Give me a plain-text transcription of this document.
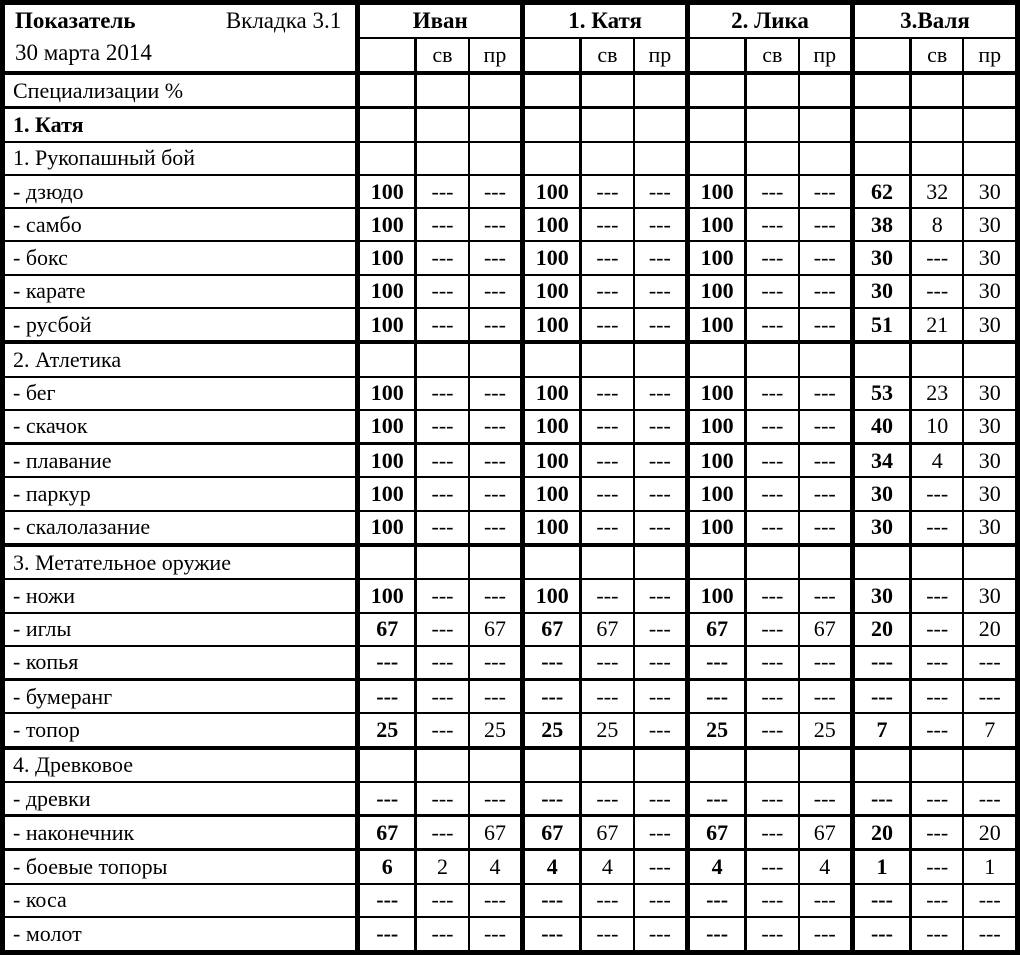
Показатель Вкладка 3.1
30 марта 2014	Иван			1. Катя			2. Лика			3.Валя		
		св	пр		св	пр		св	пр		св	пр
Специализации %												
1. Катя												
1. Рукопашный бой												
- дзюдо	100	---	---	100	---	---	100	---	---	62	32	30
- самбо	100	---	---	100	---	---	100	---	---	38	8	30
- бокс	100	---	---	100	---	---	100	---	---	30	---	30
- карате	100	---	---	100	---	---	100	---	---	30	---	30
- русбой	100	---	---	100	---	---	100	---	---	51	21	30
2. Атлетика												
- бег	100	---	---	100	---	---	100	---	---	53	23	30
- скачок	100	---	---	100	---	---	100	---	---	40	10	30
- плавание	100	---	---	100	---	---	100	---	---	34	4	30
- паркур	100	---	---	100	---	---	100	---	---	30	---	30
- скалолазание	100	---	---	100	---	---	100	---	---	30	---	30
3. Метательное оружие												
- ножи	100	---	---	100	---	---	100	---	---	30	---	30
- иглы	67	---	67	67	67	---	67	---	67	20	---	20
- копья	---	---	---	---	---	---	---	---	---	---	---	---
- бумеранг	---	---	---	---	---	---	---	---	---	---	---	---
- топор	25	---	25	25	25	---	25	---	25	7	---	7
4. Древковое												
- древки	---	---	---	---	---	---	---	---	---	---	---	---
- наконечник	67	---	67	67	67	---	67	---	67	20	---	20
- боевые топоры	6	2	4	4	4	---	4	---	4	1	---	1
- коса	---	---	---	---	---	---	---	---	---	---	---	---
- молот	---	---	---	---	---	---	---	---	---	---	---	---
